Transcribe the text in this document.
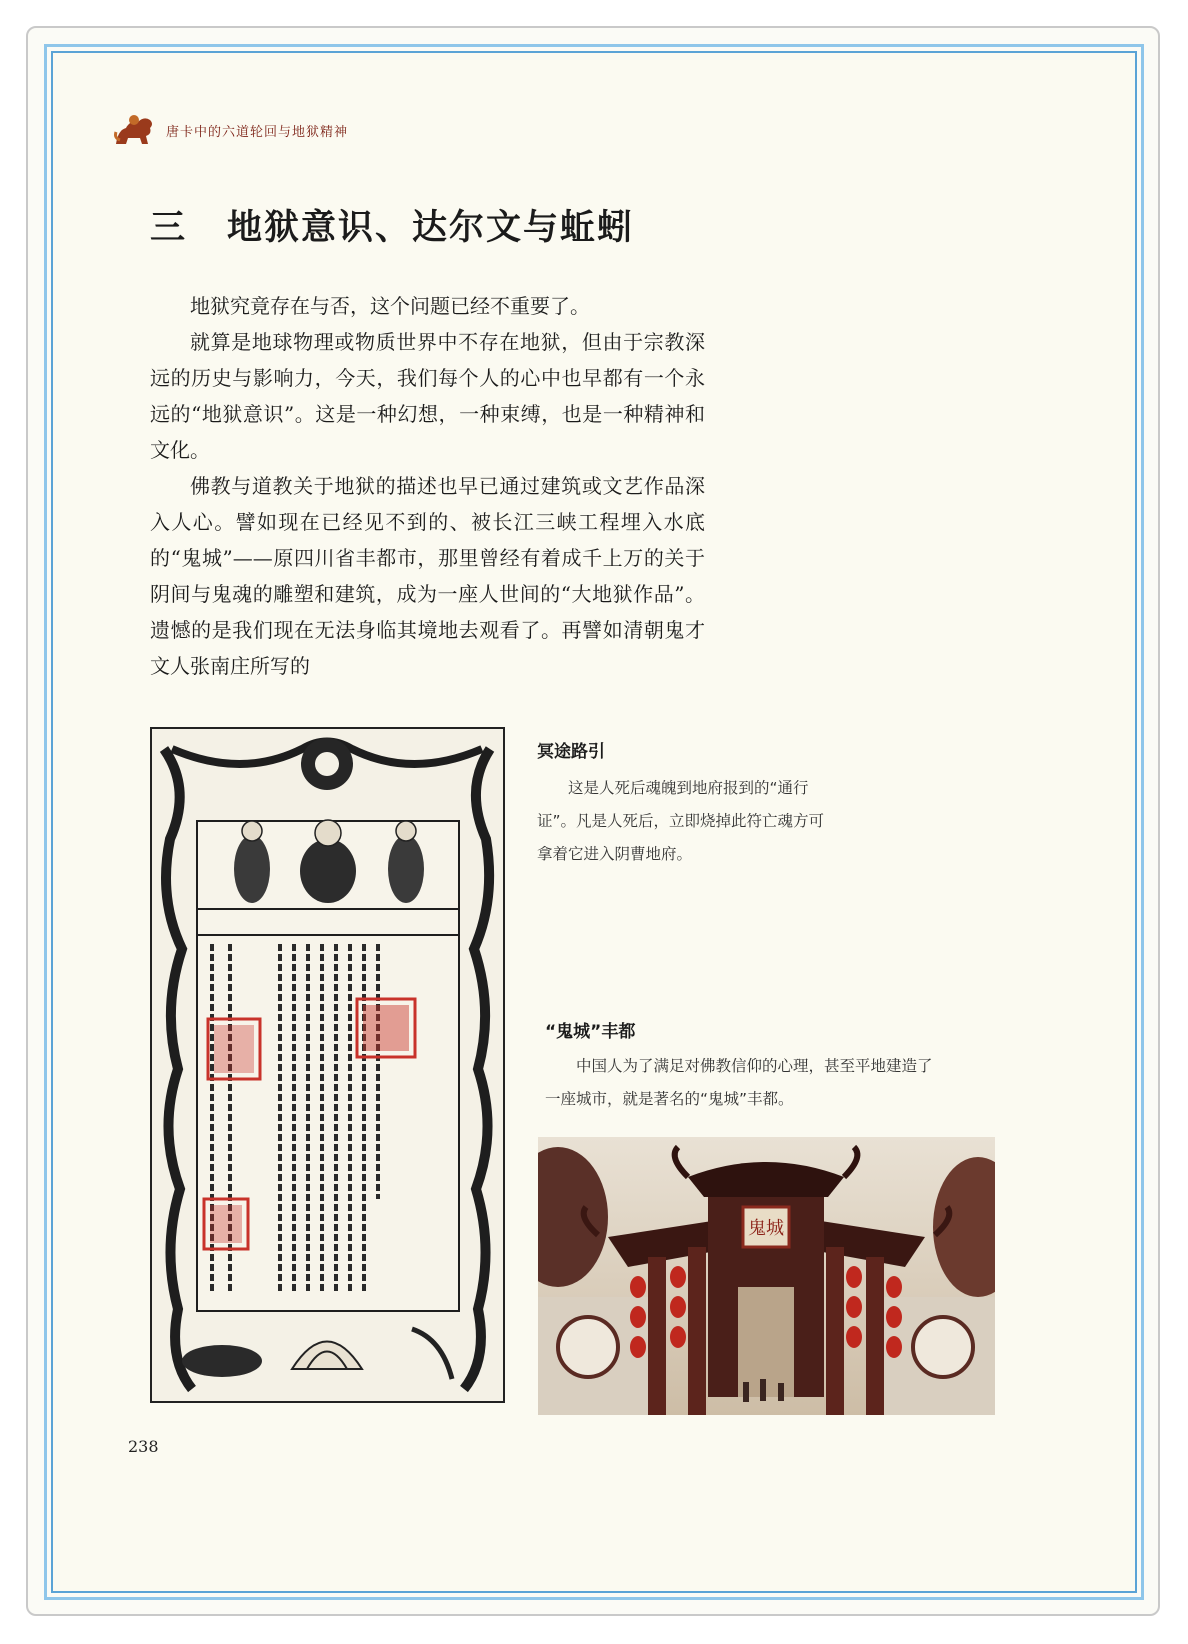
唐卡中的六道轮回与地狱精神
三 地狱意识、达尔文与蚯蚓

地狱究竟存在与否，这个问题已经不重要了。

就算是地球物理或物质世界中不存在地狱，但由于宗教深远的历史与影响力，今天，我们每个人的心中也早都有一个永远的“地狱意识”。这是一种幻想，一种束缚，也是一种精神和文化。

佛教与道教关于地狱的描述也早已通过建筑或文艺作品深入人心。譬如现在已经见不到的、被长江三峡工程埋入水底的“鬼城”——原四川省丰都市，那里曾经有着成千上万的关于阴间与鬼魂的雕塑和建筑，成为一座人世间的“大地狱作品”。遗憾的是我们现在无法身临其境地去观看了。再譬如清朝鬼才文人张南庄所写的

冥途路引

这是人死后魂魄到地府报到的“通行证”。凡是人死后，立即烧掉此符亡魂方可拿着它进入阴曹地府。

“鬼城”丰都

中国人为了满足对佛教信仰的心理，甚至平地建造了一座城市，就是著名的“鬼城”丰都。

鬼城
238
